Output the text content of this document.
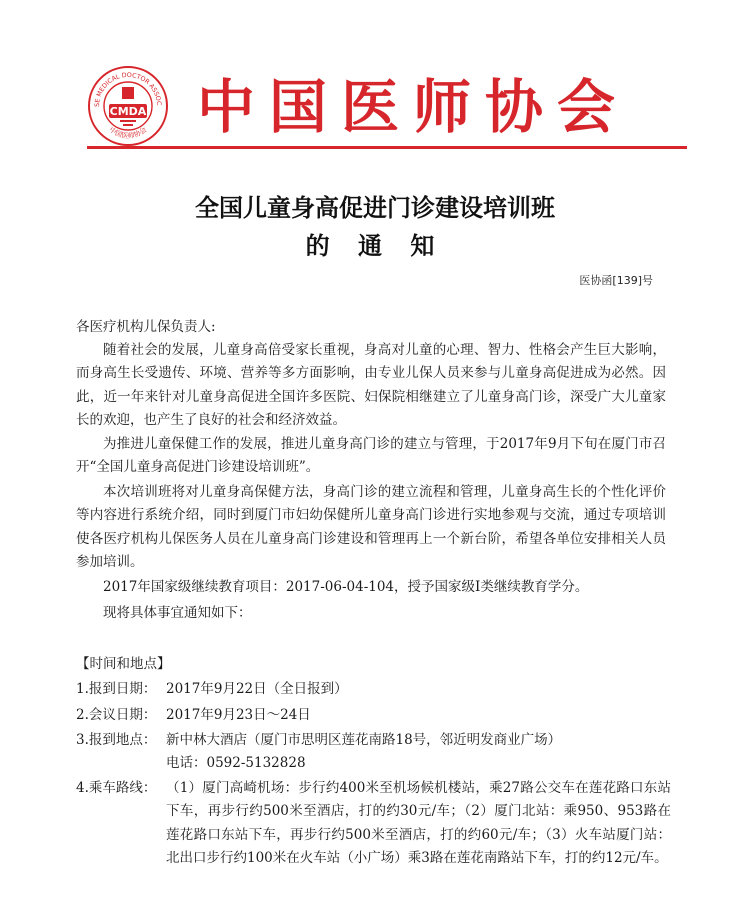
SE MEDICAL DOCTOR ASSOC
中国医师协会
CMDA 中国医师协会
全国儿童身高促进门诊建设培训班
的 通 知
医协函[139]号
各医疗机构儿保负责人:
随着社会的发展，儿童身高倍受家长重视，身高对儿童的心理、智力、性格会产生巨大影响，而身高生长受遗传、环境、营养等多方面影响，由专业儿保人员来参与儿童身高促进成为必然。因此，近一年来针对儿童身高促进全国许多医院、妇保院相继建立了儿童身高门诊，深受广大儿童家长的欢迎，也产生了良好的社会和经济效益。
为推进儿童保健工作的发展，推进儿童身高门诊的建立与管理，于2017年9月下旬在厦门市召开“全国儿童身高促进门诊建设培训班”。
本次培训班将对儿童身高保健方法，身高门诊的建立流程和管理，儿童身高生长的个性化评价等内容进行系统介绍，同时到厦门市妇幼保健所儿童身高门诊进行实地参观与交流，通过专项培训使各医疗机构儿保医务人员在儿童身高门诊建设和管理再上一个新台阶，希望各单位安排相关人员参加培训。
2017年国家级继续教育项目：2017-06-04-104，授予国家级I类继续教育学分。
现将具体事宜通知如下：
【时间和地点】
1.报到日期： 2017年9月22日（全日报到）
2.会议日期： 2017年9月23日～24日
3.报到地点： 新中林大酒店（厦门市思明区莲花南路18号，邻近明发商业广场）
电话：0592-5132828
4.乘车路线： （1）厦门高崎机场：步行约400米至机场候机楼站，乘27路公交车在莲花路口东站下车，再步行约500米至酒店，打的约30元/车；（2）厦门北站：乘950、953路在莲花路口东站下车，再步行约500米至酒店，打的约60元/车；（3）火车站厦门站：北出口步行约100米在火车站（小广场）乘3路在莲花南路站下车，打的约12元/车。
